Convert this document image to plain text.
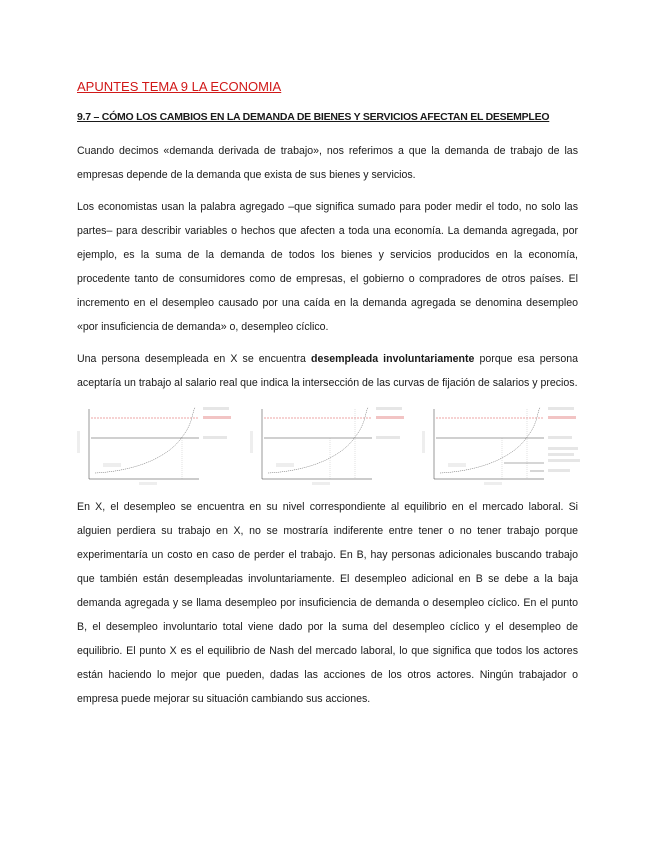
APUNTES TEMA 9 LA ECONOMIA
9.7 – CÓMO LOS CAMBIOS EN LA DEMANDA DE BIENES Y SERVICIOS AFECTAN EL DESEMPLEO

Cuando decimos «demanda derivada de trabajo», nos referimos a que la demanda de trabajo de las empresas depende de la demanda que exista de sus bienes y servicios.

Los economistas usan la palabra agregado –que significa sumado para poder medir el todo, no solo las partes– para describir variables o hechos que afecten a toda una economía. La demanda agregada, por ejemplo, es la suma de la demanda de todos los bienes y servicios producidos en la economía, procedente tanto de consumidores como de empresas, el gobierno o compradores de otros países. El incremento en el desempleo causado por una caída en la demanda agregada se denomina desempleo «por insuficiencia de demanda» o, desempleo cíclico.

Una persona desempleada en X se encuentra desempleada involuntariamente porque esa persona aceptaría un trabajo al salario real que indica la intersección de las curvas de fijación de salarios y precios.

En X, el desempleo se encuentra en su nivel correspondiente al equilibrio en el mercado laboral. Si alguien perdiera su trabajo en X, no se mostraría indiferente entre tener o no tener trabajo porque experimentaría un costo en caso de perder el trabajo. En B, hay personas adicionales buscando trabajo que también están desempleadas involuntariamente. El desempleo adicional en B se debe a la baja demanda agregada y se llama desempleo por insuficiencia de demanda o desempleo cíclico. En el punto B, el desempleo involuntario total viene dado por la suma del desempleo cíclico y el desempleo de equilibrio. El punto X es el equilibrio de Nash del mercado laboral, lo que significa que todos los actores están haciendo lo mejor que pueden, dadas las acciones de los otros actores. Ningún trabajador o empresa puede mejorar su situación cambiando sus acciones.
